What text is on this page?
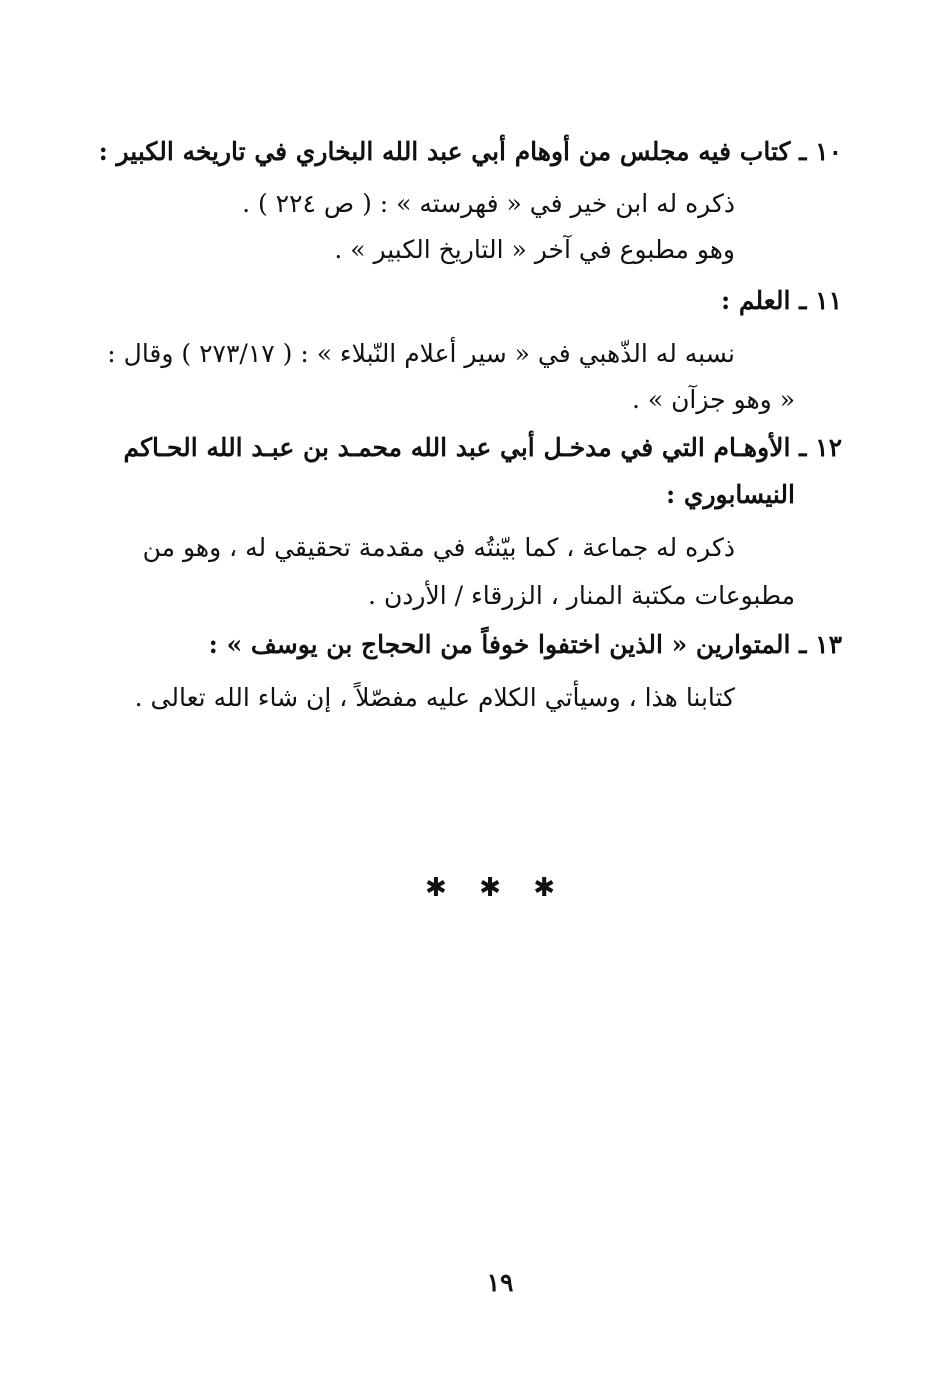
١٠ ـ كتاب فيه مجلس من أوهام أبي عبد الله البخاري في تاريخه الكبير :
ذكره له ابن خير في « فهرسته » : ( ص ٢٢٤ ) .
وهو مطبوع في آخر « التاريخ الكبير » .
١١ ـ العلم :
نسبه له الذّهبي في « سير أعلام النّبلاء » : ( ٢٧٣/١٧ ) وقال :
« وهو جزآن » .
١٢ ـ الأوهـام التي في مدخـل أبي عبد الله محمـد بن عبـد الله الحـاكم
النيسابوري :
ذكره له جماعة ، كما بيّنتُه في مقدمة تحقيقي له ، وهو من
مطبوعات مكتبة المنار ، الزرقاء / الأردن .
١٣ ـ المتوارين « الذين اختفوا خوفاً من الحجاج بن يوسف » :
كتابنا هذا ، وسيأتي الكلام عليه مفصّلاً ، إن شاء الله تعالى .
✱ ✱ ✱
١٩
